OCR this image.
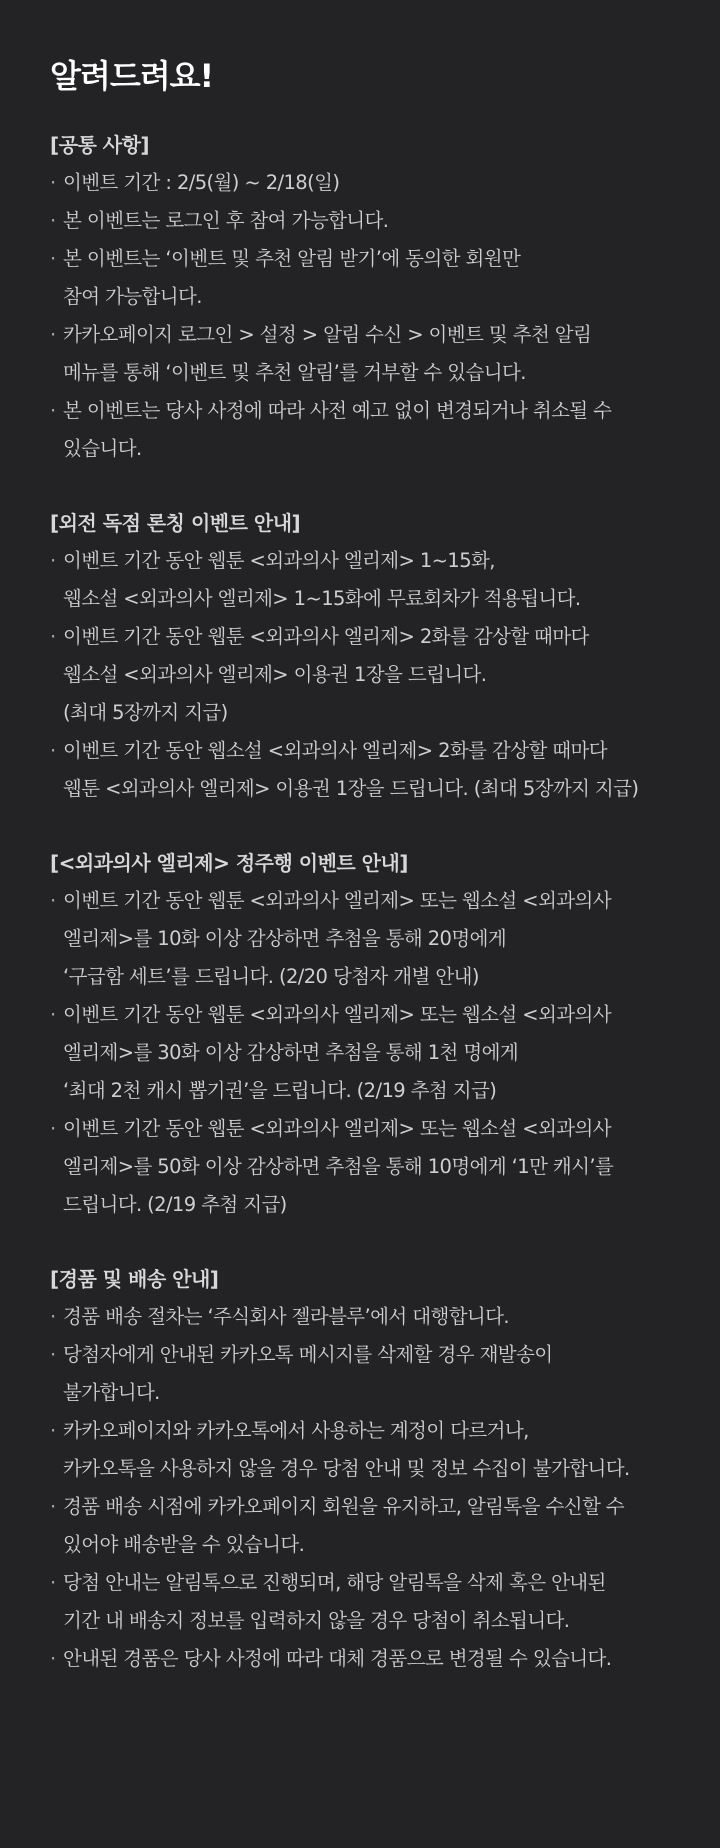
알려드려요!
[공통 사항]
· 이벤트 기간 : 2/5(월) ~ 2/18(일)
· 본 이벤트는 로그인 후 참여 가능합니다.
· 본 이벤트는 ‘이벤트 및 추천 알림 받기’에 동의한 회원만
참여 가능합니다.
· 카카오페이지 로그인 > 설정 > 알림 수신 > 이벤트 및 추천 알림
메뉴를 통해 ‘이벤트 및 추천 알림’를 거부할 수 있습니다.
· 본 이벤트는 당사 사정에 따라 사전 예고 없이 변경되거나 취소될 수
있습니다.
[외전 독점 론칭 이벤트 안내]
· 이벤트 기간 동안 웹툰 <외과의사 엘리제> 1~15화,
웹소설 <외과의사 엘리제> 1~15화에 무료회차가 적용됩니다.
· 이벤트 기간 동안 웹툰 <외과의사 엘리제> 2화를 감상할 때마다
웹소설 <외과의사 엘리제> 이용권 1장을 드립니다.
(최대 5장까지 지급)
· 이벤트 기간 동안 웹소설 <외과의사 엘리제> 2화를 감상할 때마다
웹툰 <외과의사 엘리제> 이용권 1장을 드립니다. (최대 5장까지 지급)
[<외과의사 엘리제> 정주행 이벤트 안내]
· 이벤트 기간 동안 웹툰 <외과의사 엘리제> 또는 웹소설 <외과의사
엘리제>를 10화 이상 감상하면 추첨을 통해 20명에게
‘구급함 세트’를 드립니다. (2/20 당첨자 개별 안내)
· 이벤트 기간 동안 웹툰 <외과의사 엘리제> 또는 웹소설 <외과의사
엘리제>를 30화 이상 감상하면 추첨을 통해 1천 명에게
‘최대 2천 캐시 뽑기권’을 드립니다. (2/19 추첨 지급)
· 이벤트 기간 동안 웹툰 <외과의사 엘리제> 또는 웹소설 <외과의사
엘리제>를 50화 이상 감상하면 추첨을 통해 10명에게 ‘1만 캐시’를
드립니다. (2/19 추첨 지급)
[경품 및 배송 안내]
· 경품 배송 절차는 ‘주식회사 젤라블루’에서 대행합니다.
· 당첨자에게 안내된 카카오톡 메시지를 삭제할 경우 재발송이
불가합니다.
· 카카오페이지와 카카오톡에서 사용하는 계정이 다르거나,
카카오톡을 사용하지 않을 경우 당첨 안내 및 정보 수집이 불가합니다.
· 경품 배송 시점에 카카오페이지 회원을 유지하고, 알림톡을 수신할 수
있어야 배송받을 수 있습니다.
· 당첨 안내는 알림톡으로 진행되며, 해당 알림톡을 삭제 혹은 안내된
기간 내 배송지 정보를 입력하지 않을 경우 당첨이 취소됩니다.
· 안내된 경품은 당사 사정에 따라 대체 경품으로 변경될 수 있습니다.
